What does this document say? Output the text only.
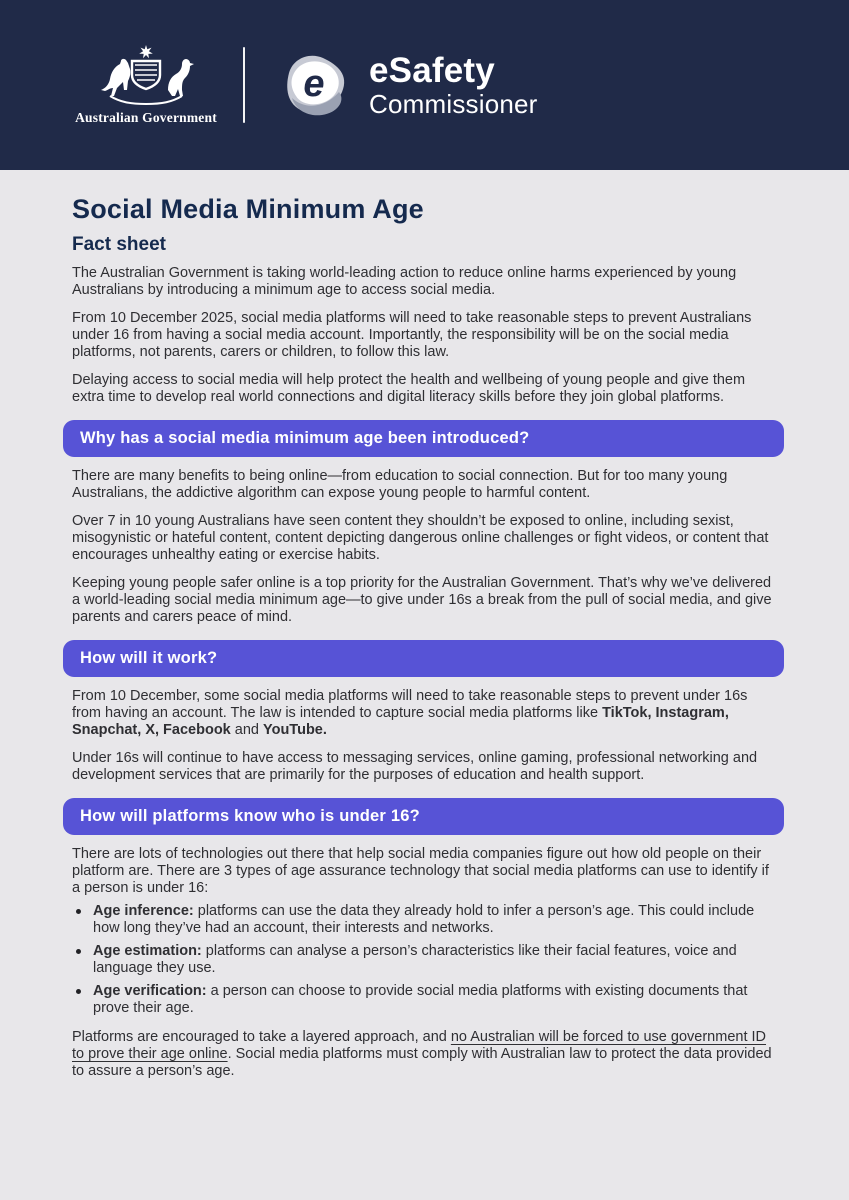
Australian Government
e eSafety
Commissioner
Social Media Minimum Age
Fact sheet

The Australian Government is taking world-leading action to reduce online harms experienced by young Australians by introducing a minimum age to access social media.

From 10 December 2025, social media platforms will need to take reasonable steps to prevent Australians under 16 from having a social media account. Importantly, the responsibility will be on the social media platforms, not parents, carers or children, to follow this law.

Delaying access to social media will help protect the health and wellbeing of young people and give them extra time to develop real world connections and digital literacy skills before they join global platforms.

Why has a social media minimum age been introduced?

There are many benefits to being online—from education to social connection. But for too many young Australians, the addictive algorithm can expose young people to harmful content.

Over 7 in 10 young Australians have seen content they shouldn’t be exposed to online, including sexist, misogynistic or hateful content, content depicting dangerous online challenges or fight videos, or content that encourages unhealthy eating or exercise habits.

Keeping young people safer online is a top priority for the Australian Government. That’s why we’ve delivered a world-leading social media minimum age—to give under 16s a break from the pull of social media, and give parents and carers peace of mind.

How will it work?

From 10 December, some social media platforms will need to take reasonable steps to prevent under 16s from having an account. The law is intended to capture social media platforms like TikTok, Instagram, Snapchat, X, Facebook and YouTube.

Under 16s will continue to have access to messaging services, online gaming, professional networking and development services that are primarily for the purposes of education and health support.

How will platforms know who is under 16?

There are lots of technologies out there that help social media companies figure out how old people on their platform are. There are 3 types of age assurance technology that social media platforms can use to identify if a person is under 16:

Age inference: platforms can use the data they already hold to infer a person’s age. This could include how long they’ve had an account, their interests and networks.
Age estimation: platforms can analyse a person’s characteristics like their facial features, voice and language they use.
Age verification: a person can choose to provide social media platforms with existing documents that prove their age.

Platforms are encouraged to take a layered approach, and no Australian will be forced to use government ID to prove their age online. Social media platforms must comply with Australian law to protect the data provided to assure a person’s age.
